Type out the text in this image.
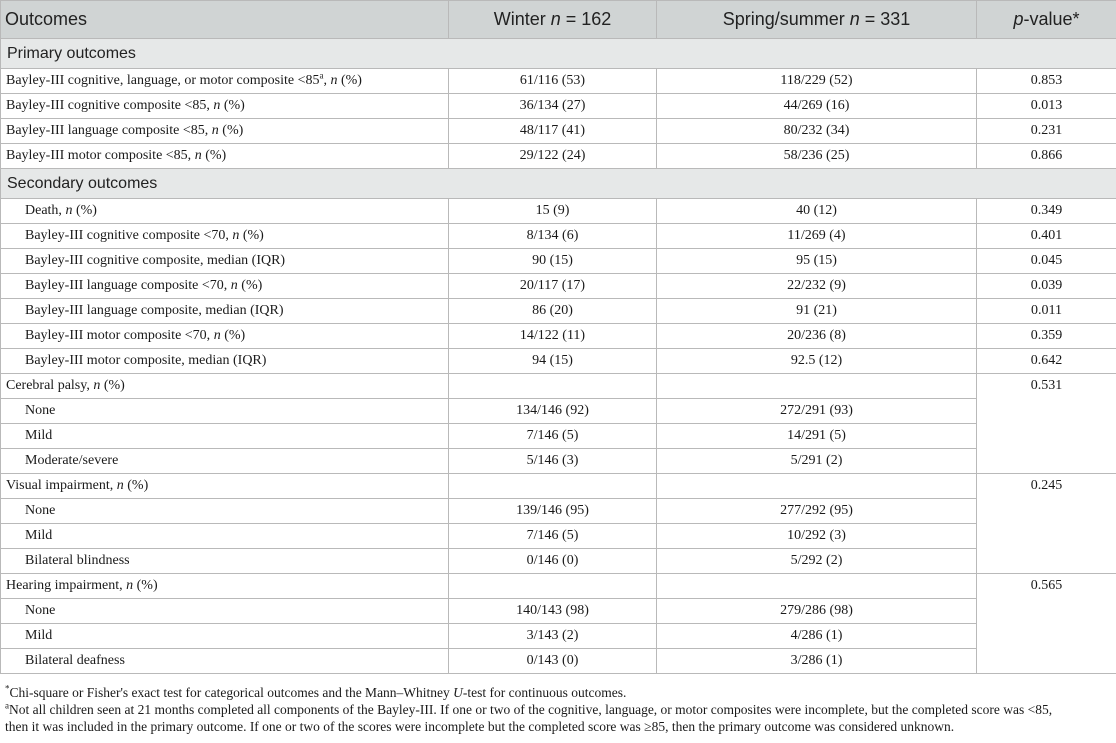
Outcomes	Winter n = 162	Spring/summer n = 331	p-value*
Primary outcomes			
Bayley-III cognitive, language, or motor composite $<85^a$, n (%)	61/116 (53)	118/229 (52)	0.853
Bayley-III cognitive composite <85, n (%)	36/134 (27)	44/269 (16)	0.013
Bayley-III language composite <85, n (%)	48/117 (41)	80/232 (34)	0.231
Bayley-III motor composite <85, n (%)	29/122 (24)	58/236 (25)	0.866
Secondary outcomes			
Death, n (%)	15 (9)	40 (12)	0.349
Bayley-III cognitive composite <70, n (%)	8/134 (6)	11/269 (4)	0.401
Bayley-III cognitive composite, median (IQR)	90 (15)	95 (15)	0.045
Bayley-III language composite <70, n (%)	20/117 (17)	22/232 (9)	0.039
Bayley-III language composite, median (IQR)	86 (20)	91 (21)	0.011
Bayley-III motor composite <70, n (%)	14/122 (11)	20/236 (8)	0.359
Bayley-III motor composite, median (IQR)	94 (15)	92.5 (12)	0.642
Cerebral palsy, n (%)			0.531
None	134/146 (92)	272/291 (93)	
Mild	7/146 (5)	14/291 (5)	
Moderate/severe	5/146 (3)	5/291 (2)	
Visual impairment, n (%)			0.245
None	139/146 (95)	277/292 (95)	
Mild	7/146 (5)	10/292 (3)	
Bilateral blindness	0/146 (0)	5/292 (2)	
Hearing impairment, n (%)			0.565
None	140/143 (98)	279/286 (98)	
Mild	3/143 (2)	4/286 (1)	
Bilateral deafness	0/143 (0)	3/286 (1)	

*Chi-square or Fisher's exact test for categorical outcomes and the Mann–Whitney U-test for continuous outcomes.

$^a$Not all children seen at 21 months completed all components of the Bayley-III. If one or two of the cognitive, language, or motor composites were incomplete, but the completed score was <85,

then it was included in the primary outcome. If one or two of the scores were incomplete but the completed score was ≥85, then the primary outcome was considered unknown.
